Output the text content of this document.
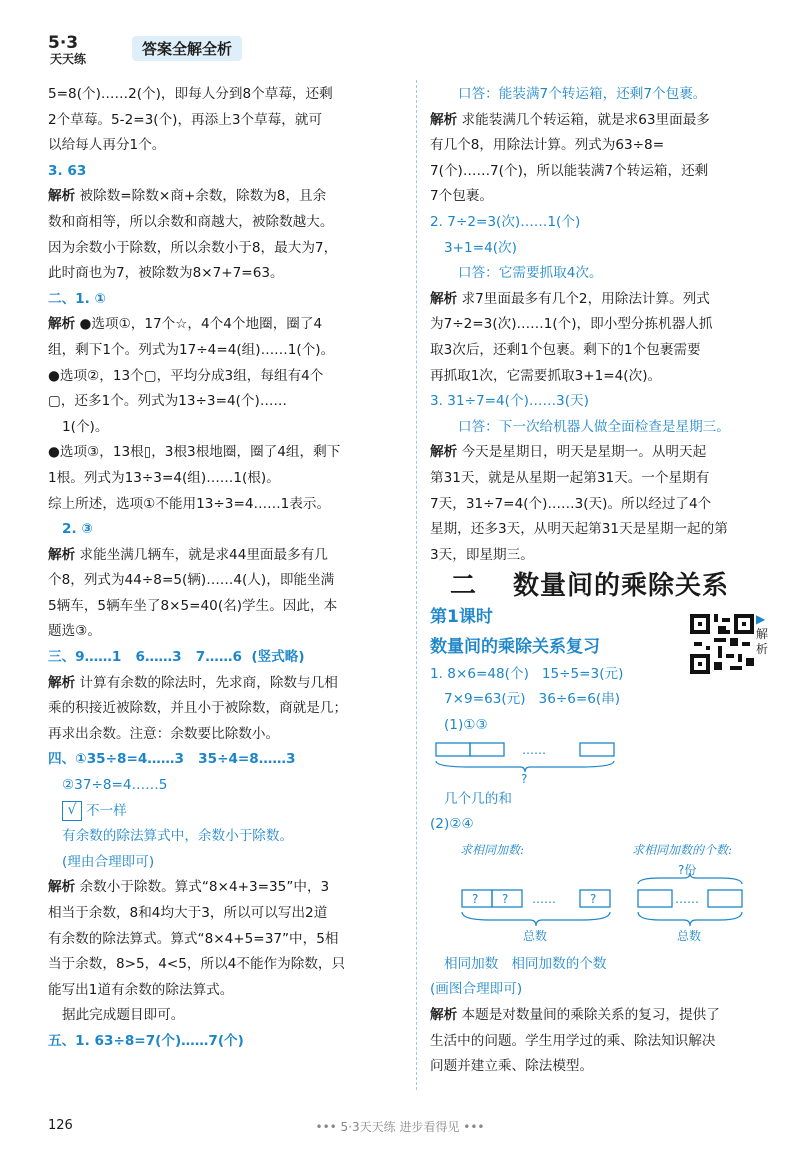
5·3
天天练
答案全解全析

5=8(个)……2(个)，即每人分到8个草莓，还剩

2个草莓。5-2=3(个)，再添上3个草莓，就可

以给每人再分1个。

3. 63

解析 被除数=除数×商+余数，除数为8，且余

数和商相等，所以余数和商越大，被除数越大。

因为余数小于除数，所以余数小于8，最大为7，

此时商也为7，被除数为8×7+7=63。

二、1. ①

解析 ●选项①，17个☆，4个4个地圈，圈了4

组，剩下1个。列式为17÷4=4(组)……1(个)。

●选项②，13个▢，平均分成3组，每组有4个

▢，还多1个。列式为13÷3=4(个)……

1(个)。

●选项③，13根▯，3根3根地圈，圈了4组，剩下

1根。列式为13÷3=4(组)……1(根)。

综上所述，选项①不能用13÷3=4……1表示。

2. ③

解析 求能坐满几辆车，就是求44里面最多有几

个8，列式为44÷8=5(辆)……4(人)，即能坐满

5辆车，5辆车坐了8×5=40(名)学生。因此，本

题选③。

三、9……1   6……3   7……6  (竖式略)

解析 计算有余数的除法时，先求商，除数与几相

乘的积接近被除数，并且小于被除数，商就是几；

再求出余数。注意：余数要比除数小。

四、①35÷8=4……3   35÷4=8……3

②37÷8=4……5

√ 不一样

有余数的除法算式中，余数小于除数。

(理由合理即可)

解析 余数小于除数。算式“8×4+3=35”中，3

相当于余数，8和4均大于3，所以可以写出2道

有余数的除法算式。算式“8×4+5=37”中，5相

当于余数，8>5，4<5，所以4不能作为除数，只

能写出1道有余数的除法算式。

据此完成题目即可。

五、1. 63÷8=7(个)……7(个)

口答：能装满7个转运箱，还剩7个包裹。

解析 求能装满几个转运箱，就是求63里面最多

有几个8，用除法计算。列式为63÷8=

7(个)……7(个)，所以能装满7个转运箱，还剩

7个包裹。

2. 7÷2=3(次)……1(个)

3+1=4(次)

口答：它需要抓取4次。

解析 求7里面最多有几个2，用除法计算。列式

为7÷2=3(次)……1(个)，即小型分拣机器人抓

取3次后，还剩1个包裹。剩下的1个包裹需要

再抓取1次，它需要抓取3+1=4(次)。

3. 31÷7=4(个)……3(天)

口答：下一次给机器人做全面检查是星期三。

解析 今天是星期日，明天是星期一。从明天起

第31天，就是从星期一起第31天。一个星期有

7天，31÷7=4(个)……3(天)。所以经过了4个

星期，还多3天，从明天起第31天是星期一起的第

3天，即星期三。

二 数量间的乘除关系
第1课时
数量间的乘除关系复习

1. 8×6=48(个)   15÷5=3(元)

7×9=63(元)   36÷6=6(串)

(1)①③

……
?

几个几的和

(2)②④

求相同加数:	求相同加数的个数:
?份
? ?	?
……
总数
……
总数

相同加数   相同加数的个数

(画图合理即可)

解析 本题是对数量间的乘除关系的复习，提供了

生活中的问题。学生用学过的乘、除法知识解决

问题并建立乘、除法模型。

▶解析
126	••• 5·3天天练 进步看得见 •••
